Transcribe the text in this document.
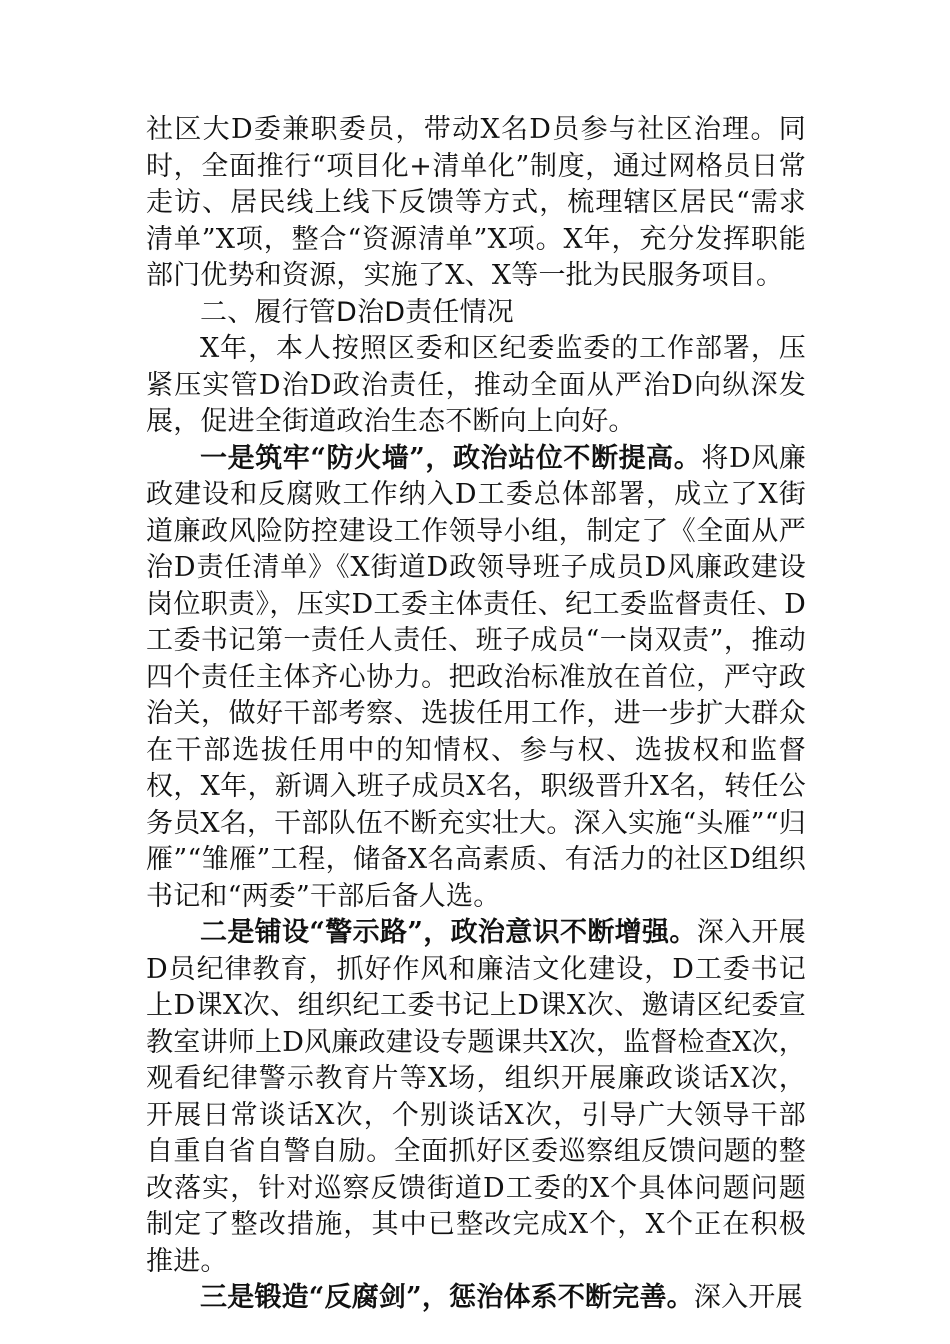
社区大D委兼职委员，带动X名D员参与社区治理。同时，全面推行“项目化+清单化”制度，通过网格员日常走访、居民线上线下反馈等方式，梳理辖区居民“需求清单”X项，整合“资源清单”X项。X年，充分发挥职能部门优势和资源，实施了X、X等一批为民服务项目。

二、履行管D治D责任情况

X年，本人按照区委和区纪委监委的工作部署，压紧压实管D治D政治责任，推动全面从严治D向纵深发展，促进全街道政治生态不断向上向好。

一是筑牢“防火墙”，政治站位不断提高。将D风廉政建设和反腐败工作纳入D工委总体部署，成立了X街道廉政风险防控建设工作领导小组，制定了《全面从严治D责任清单》《X街道D政领导班子成员D风廉政建设岗位职责》，压实D工委主体责任、纪工委监督责任、D工委书记第一责任人责任、班子成员“一岗双责”，推动四个责任主体齐心协力。把政治标准放在首位，严守政治关，做好干部考察、选拔任用工作，进一步扩大群众在干部选拔任用中的知情权、参与权、选拔权和监督权，X年，新调入班子成员X名，职级晋升X名，转任公务员X名，干部队伍不断充实壮大。深入实施“头雁”“归雁”“雏雁”工程，储备X名高素质、有活力的社区D组织书记和“两委”干部后备人选。

二是铺设“警示路”，政治意识不断增强。深入开展D员纪律教育，抓好作风和廉洁文化建设，D工委书记上D课X次、组织纪工委书记上D课X次、邀请区纪委宣教室讲师上D风廉政建设专题课共X次，监督检查X次，观看纪律警示教育片等X场，组织开展廉政谈话X次，开展日常谈话X次，个别谈话X次，引导广大领导干部自重自省自警自励。全面抓好区委巡察组反馈问题的整改落实，针对巡察反馈街道D工委的X个具体问题问题制定了整改措施，其中已整改完成X个，X个正在积极推进。

三是锻造“反腐剑”，惩治体系不断完善。深入开展
